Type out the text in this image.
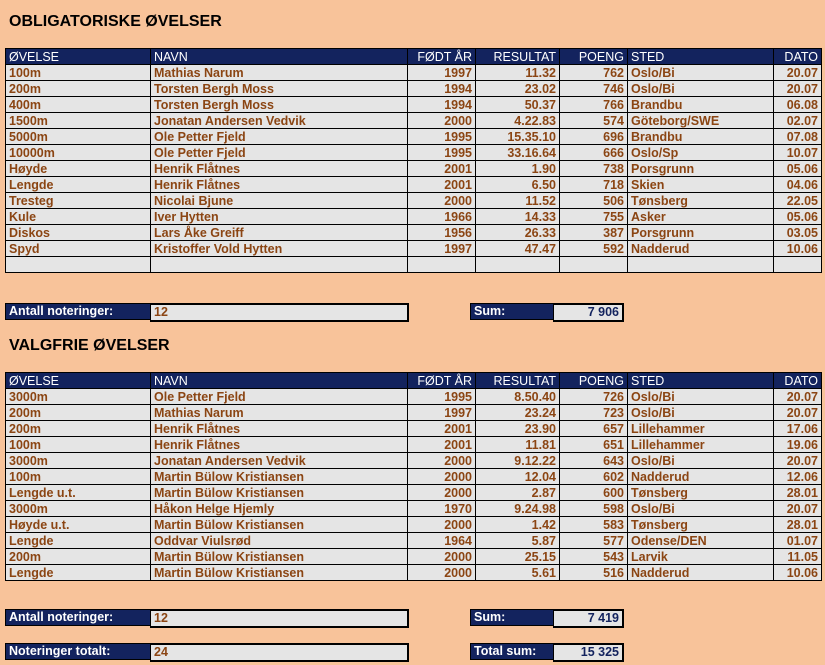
OBLIGATORISKE ØVELSER
ØVELSE	NAVN	FØDT ÅR	RESULTAT	POENG	STED	DATO
100m	Mathias Narum	1997	11.32	762	Oslo/Bi	20.07
200m	Torsten Bergh Moss	1994	23.02	746	Oslo/Bi	20.07
400m	Torsten Bergh Moss	1994	50.37	766	Brandbu	06.08
1500m	Jonatan Andersen Vedvik	2000	4.22.83	574	Göteborg/SWE	02.07
5000m	Ole Petter Fjeld	1995	15.35.10	696	Brandbu	07.08
10000m	Ole Petter Fjeld	1995	33.16.64	666	Oslo/Sp	10.07
Høyde	Henrik Flåtnes	2001	1.90	738	Porsgrunn	05.06
Lengde	Henrik Flåtnes	2001	6.50	718	Skien	04.06
Tresteg	Nicolai Bjune	2000	11.52	506	Tønsberg	22.05
Kule	Iver Hytten	1966	14.33	755	Asker	05.06
Diskos	Lars Åke Greiff	1956	26.33	387	Porsgrunn	03.05
Spyd	Kristoffer Vold Hytten	1997	47.47	592	Nadderud	10.06

Antall noteringer:	12	Sum:	7 906
VALGFRIE ØVELSER
ØVELSE	NAVN	FØDT ÅR	RESULTAT	POENG	STED	DATO
3000m	Ole Petter Fjeld	1995	8.50.40	726	Oslo/Bi	20.07
200m	Mathias Narum	1997	23.24	723	Oslo/Bi	20.07
200m	Henrik Flåtnes	2001	23.90	657	Lillehammer	17.06
100m	Henrik Flåtnes	2001	11.81	651	Lillehammer	19.06
3000m	Jonatan Andersen Vedvik	2000	9.12.22	643	Oslo/Bi	20.07
100m	Martin Bülow Kristiansen	2000	12.04	602	Nadderud	12.06
Lengde u.t.	Martin Bülow Kristiansen	2000	2.87	600	Tønsberg	28.01
3000m	Håkon Helge Hjemly	1970	9.24.98	598	Oslo/Bi	20.07
Høyde u.t.	Martin Bülow Kristiansen	2000	1.42	583	Tønsberg	28.01
Lengde	Oddvar Viulsrød	1964	5.87	577	Odense/DEN	01.07
200m	Martin Bülow Kristiansen	2000	25.15	543	Larvik	11.05
Lengde	Martin Bülow Kristiansen	2000	5.61	516	Nadderud	10.06
Antall noteringer:	12	Sum:	7 419
Noteringer totalt:	24	Total sum:	15 325
